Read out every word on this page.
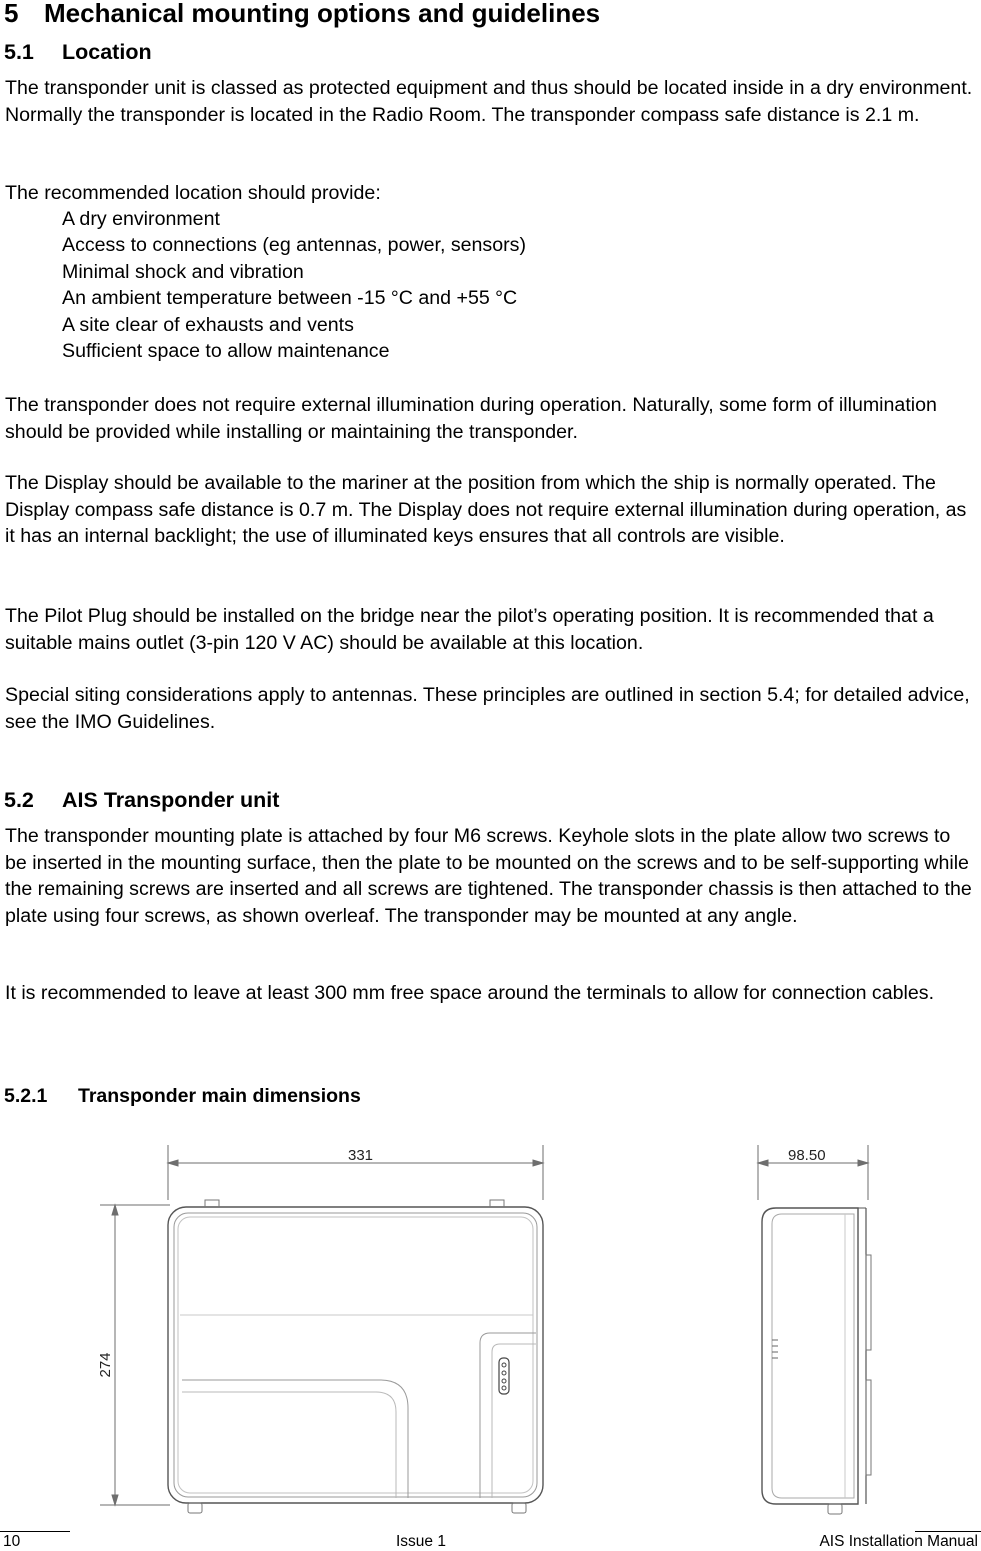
5 Mechanical mounting options and guidelines
5.1 Location

The transponder unit is classed as protected equipment and thus should be located inside in a dry environment. Normally the transponder is located in the Radio Room. The transponder compass safe distance is 2.1 m.

The recommended location should provide:

A dry environment
Access to connections (eg antennas, power, sensors)
Minimal shock and vibration
An ambient temperature between -15 °C and +55 °C
A site clear of exhausts and vents
Sufficient space to allow maintenance

The transponder does not require external illumination during operation. Naturally, some form of illumination should be provided while installing or maintaining the transponder.

The Display should be available to the mariner at the position from which the ship is normally operated. The Display compass safe distance is 0.7 m. The Display does not require external illumination during operation, as it has an internal backlight; the use of illuminated keys ensures that all controls are visible.

The Pilot Plug should be installed on the bridge near the pilot’s operating position. It is recommended that a suitable mains outlet (3-pin 120 V AC) should be available at this location.

Special siting considerations apply to antennas. These principles are outlined in section 5.4; for detailed advice, see the IMO Guidelines.

5.2 AIS Transponder unit

The transponder mounting plate is attached by four M6 screws. Keyhole slots in the plate allow two screws to be inserted in the mounting surface, then the plate to be mounted on the screws and to be self-supporting while the remaining screws are inserted and all screws are tightened. The transponder chassis is then attached to the plate using four screws, as shown overleaf. The transponder may be mounted at any angle.

It is recommended to leave at least 300 mm free space around the terminals to allow for connection cables.

5.2.1 Transponder main dimensions
331
274
98.50
10	Issue 1	AIS Installation Manual
